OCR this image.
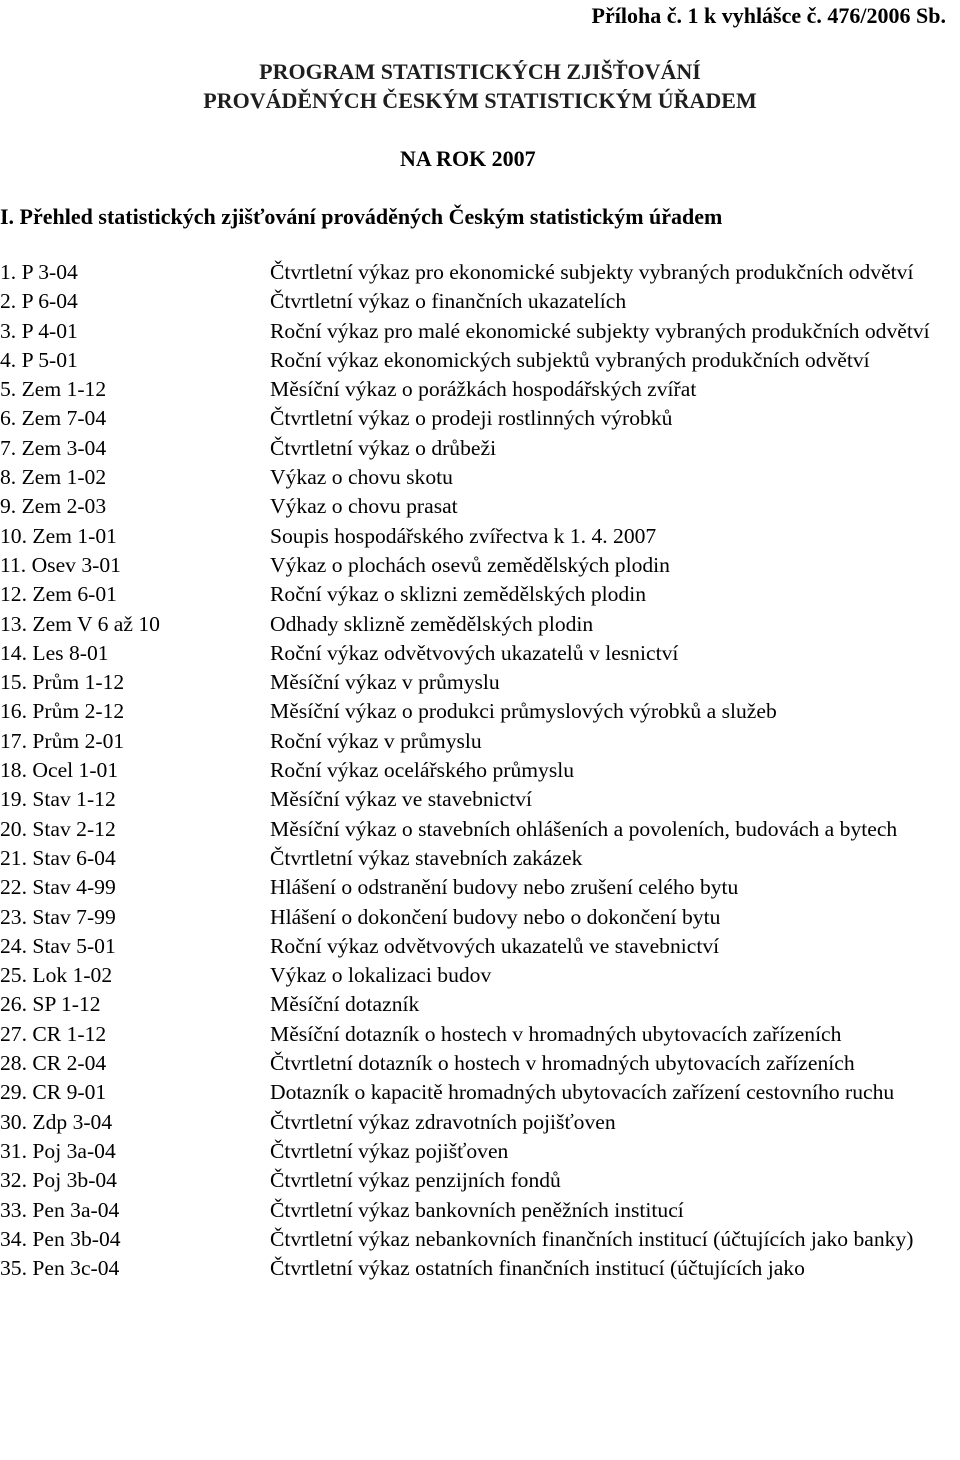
Příloha č. 1 k vyhlášce č. 476/2006 Sb.
PROGRAM STATISTICKÝCH ZJIŠŤOVÁNÍ
PROVÁDĚNÝCH ČESKÝM STATISTICKÝM ÚŘADEM
NA ROK 2007
I. Přehled statistických zjišťování prováděných Českým statistickým úřadem
1. P 3-04	Čtvrtletní výkaz pro ekonomické subjekty vybraných produkčních odvětví
2. P 6-04	Čtvrtletní výkaz o finančních ukazatelích
3. P 4-01	Roční výkaz pro malé ekonomické subjekty vybraných produkčních odvětví
4. P 5-01	Roční výkaz ekonomických subjektů vybraných produkčních odvětví
5. Zem 1-12	Měsíční výkaz o porážkách hospodářských zvířat
6. Zem 7-04	Čtvrtletní výkaz o prodeji rostlinných výrobků
7. Zem 3-04	Čtvrtletní výkaz o drůbeži
8. Zem 1-02	Výkaz o chovu skotu
9. Zem 2-03	Výkaz o chovu prasat
10. Zem 1-01	Soupis hospodářského zvířectva k 1. 4. 2007
11. Osev 3-01	Výkaz o plochách osevů zemědělských plodin
12. Zem 6-01	Roční výkaz o sklizni zemědělských plodin
13. Zem V 6 až 10	Odhady sklizně zemědělských plodin
14. Les 8-01	Roční výkaz odvětvových ukazatelů v lesnictví
15. Prům 1-12	Měsíční výkaz v průmyslu
16. Prům 2-12	Měsíční výkaz o produkci průmyslových výrobků a služeb
17. Prům 2-01	Roční výkaz v průmyslu
18. Ocel 1-01	Roční výkaz ocelářského průmyslu
19. Stav 1-12	Měsíční výkaz ve stavebnictví
20. Stav 2-12	Měsíční výkaz o stavebních ohlášeních a povoleních, budovách a bytech
21. Stav 6-04	Čtvrtletní výkaz stavebních zakázek
22. Stav 4-99	Hlášení o odstranění budovy nebo zrušení celého bytu
23. Stav 7-99	Hlášení o dokončení budovy nebo o dokončení bytu
24. Stav 5-01	Roční výkaz odvětvových ukazatelů ve stavebnictví
25. Lok 1-02	Výkaz o lokalizaci budov
26. SP 1-12	Měsíční dotazník
27. CR 1-12	Měsíční dotazník o hostech v hromadných ubytovacích zařízeních
28. CR 2-04	Čtvrtletní dotazník o hostech v hromadných ubytovacích zařízeních
29. CR 9-01	Dotazník o kapacitě hromadných ubytovacích zařízení cestovního ruchu
30. Zdp 3-04	Čtvrtletní výkaz zdravotních pojišťoven
31. Poj 3a-04	Čtvrtletní výkaz pojišťoven
32. Poj 3b-04	Čtvrtletní výkaz penzijních fondů
33. Pen 3a-04	Čtvrtletní výkaz bankovních peněžních institucí
34. Pen 3b-04	Čtvrtletní výkaz nebankovních finančních institucí (účtujících jako banky)
35. Pen 3c-04	Čtvrtletní výkaz ostatních finančních institucí (účtujících jako
